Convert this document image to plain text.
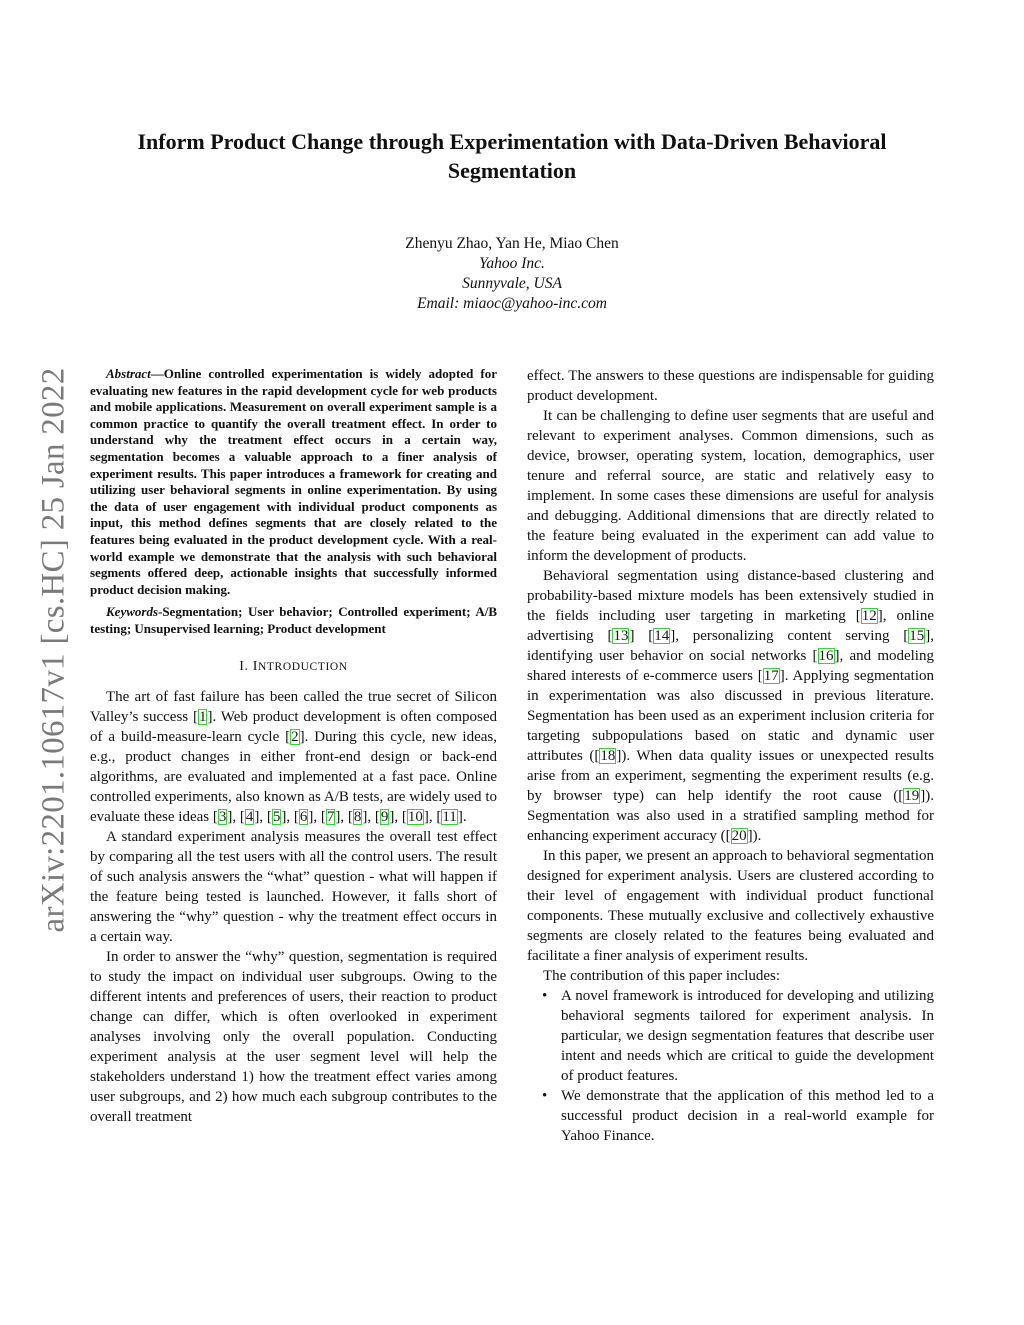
arXiv:2201.10617v1 [cs.HC] 25 Jan 2022
Inform Product Change through Experimentation with Data-Driven Behavioral
Segmentation
Zhenyu Zhao, Yan He, Miao Chen
Yahoo Inc.
Sunnyvale, USA
Email: miaoc@yahoo-inc.com

Abstract—Online controlled experimentation is widely adopted for evaluating new features in the rapid development cycle for web products and mobile applications. Measurement on overall experiment sample is a common practice to quantify the overall treatment effect. In order to understand why the treatment effect occurs in a certain way, segmentation becomes a valuable approach to a finer analysis of experiment results. This paper introduces a framework for creating and utilizing user behavioral segments in online experimentation. By using the data of user engagement with individual product components as input, this method defines segments that are closely related to the features being evaluated in the product development cycle. With a real-world example we demonstrate that the analysis with such behavioral segments offered deep, actionable insights that successfully informed product decision making.

Keywords-Segmentation; User behavior; Controlled experiment; A/B testing; Unsupervised learning; Product development

I. INTRODUCTION

The art of fast failure has been called the true secret of Silicon Valley’s success [1]. Web product development is often composed of a build-measure-learn cycle [2]. During this cycle, new ideas, e.g., product changes in either front-end design or back-end algorithms, are evaluated and implemented at a fast pace. Online controlled experiments, also known as A/B tests, are widely used to evaluate these ideas [3], [4], [5], [6], [7], [8], [9], [10], [11].

A standard experiment analysis measures the overall test effect by comparing all the test users with all the control users. The result of such analysis answers the “what” question - what will happen if the feature being tested is launched. However, it falls short of answering the “why” question - why the treatment effect occurs in a certain way.

In order to answer the “why” question, segmentation is required to study the impact on individual user subgroups. Owing to the different intents and preferences of users, their reaction to product change can differ, which is often overlooked in experiment analyses involving only the overall population. Conducting experiment analysis at the user segment level will help the stakeholders understand 1) how the treatment effect varies among user subgroups, and 2) how much each subgroup contributes to the overall treatment

effect. The answers to these questions are indispensable for guiding product development.

It can be challenging to define user segments that are useful and relevant to experiment analyses. Common dimensions, such as device, browser, operating system, location, demographics, user tenure and referral source, are static and relatively easy to implement. In some cases these dimensions are useful for analysis and debugging. Additional dimensions that are directly related to the feature being evaluated in the experiment can add value to inform the development of products.

Behavioral segmentation using distance-based clustering and probability-based mixture models has been extensively studied in the fields including user targeting in marketing [12], online advertising [13] [14], personalizing content serving [15], identifying user behavior on social networks [16], and modeling shared interests of e-commerce users [17]. Applying segmentation in experimentation was also discussed in previous literature. Segmentation has been used as an experiment inclusion criteria for targeting subpopulations based on static and dynamic user attributes ([18]). When data quality issues or unexpected results arise from an experiment, segmenting the experiment results (e.g. by browser type) can help identify the root cause ([19]). Segmentation was also used in a stratified sampling method for enhancing experiment accuracy ([20]).

In this paper, we present an approach to behavioral segmentation designed for experiment analysis. Users are clustered according to their level of engagement with individual product functional components. These mutually exclusive and collectively exhaustive segments are closely related to the features being evaluated and facilitate a finer analysis of experiment results.

The contribution of this paper includes:

• A novel framework is introduced for developing and utilizing behavioral segments tailored for experiment analysis. In particular, we design segmentation features that describe user intent and needs which are critical to guide the development of product features.
• We demonstrate that the application of this method led to a successful product decision in a real-world example for Yahoo Finance.
